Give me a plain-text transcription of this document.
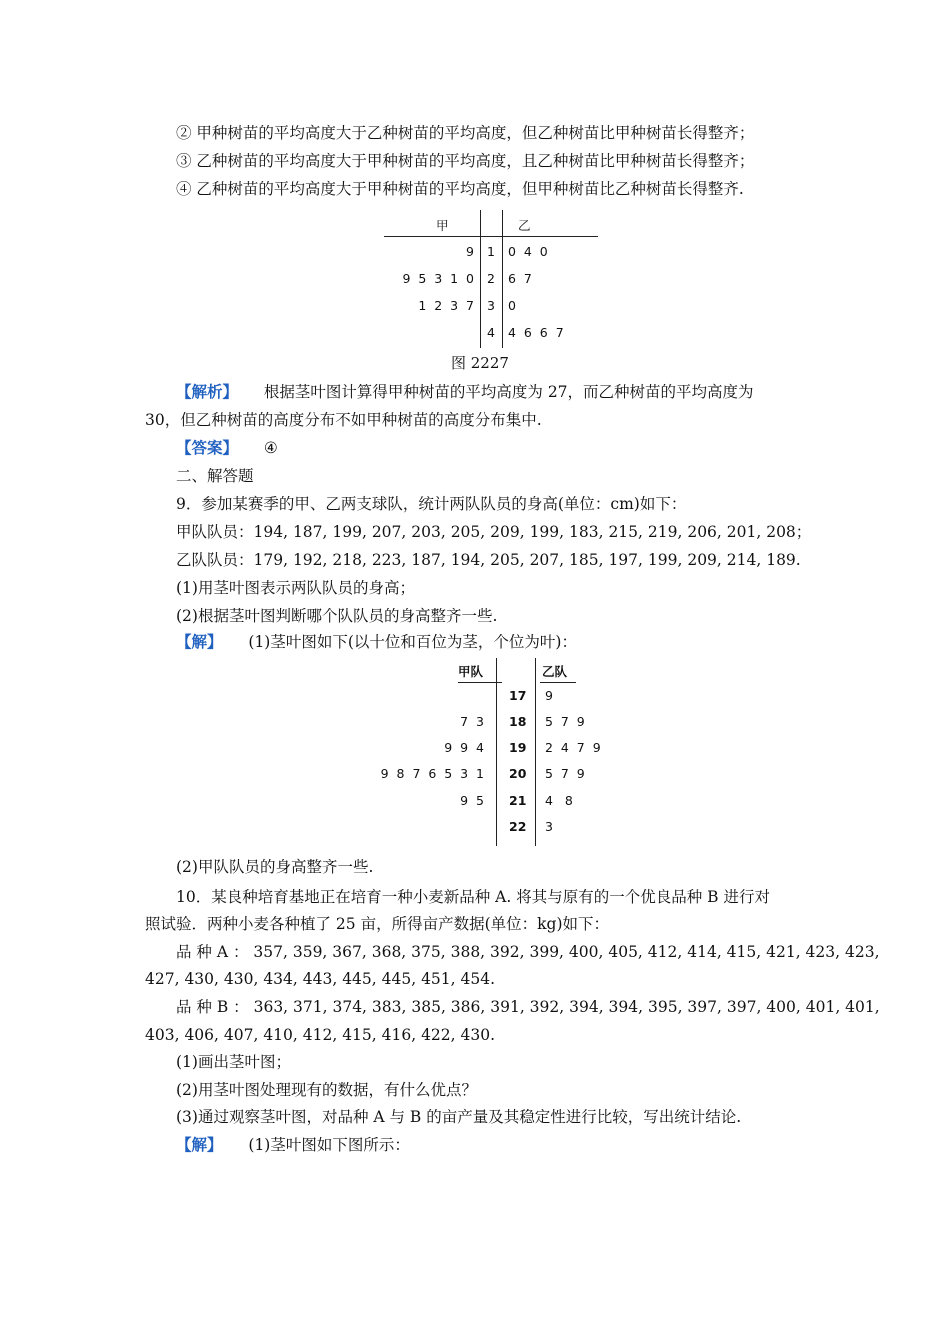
② 甲种树苗的平均高度大于乙种树苗的平均高度，但乙种树苗比甲种树苗长得整齐；
③ 乙种树苗的平均高度大于甲种树苗的平均高度，且乙种树苗比甲种树苗长得整齐；
④ 乙种树苗的平均高度大于甲种树苗的平均高度，但甲种树苗比乙种树苗长得整齐.
甲	乙
9 1 0  4  0
9  5  3  1  0 2 6  7
1  2  3  7 3 0
4 4  6  6  7
图 2227
【解析】 根据茎叶图计算得甲种树苗的平均高度为 27，而乙种树苗的平均高度为
30，但乙种树苗的高度分布不如甲种树苗的高度分布集中.
【答案】 ④
二、解答题
9．参加某赛季的甲、乙两支球队，统计两队队员的身高(单位：cm)如下：
甲队队员：194, 187, 199, 207, 203, 205, 209, 199, 183, 215, 219, 206, 201, 208；
乙队队员：179, 192, 218, 223, 187, 194, 205, 207, 185, 197, 199, 209, 214, 189.
(1)用茎叶图表示两队队员的身高；
(2)根据茎叶图判断哪个队队员的身高整齐一些.
【解】 (1)茎叶图如下(以十位和百位为茎，个位为叶)：
甲队	乙队
17 9
7  3 18 5  7  9
9  9  4 19 2  4  7  9
9  8  7  6  5  3  1 20 5  7  9
9  5 21 4   8
22 3
(2)甲队队员的身高整齐一些.
10．某良种培育基地正在培育一种小麦新品种 A. 将其与原有的一个优良品种 B 进行对
照试验．两种小麦各种植了 25 亩，所得亩产数据(单位：kg)如下：
品 种 A ： 357, 359, 367, 368, 375, 388, 392, 399, 400, 405, 412, 414, 415, 421, 423, 423,
427, 430, 430, 434, 443, 445, 445, 451, 454.
品 种 B ： 363, 371, 374, 383, 385, 386, 391, 392, 394, 394, 395, 397, 397, 400, 401, 401,
403, 406, 407, 410, 412, 415, 416, 422, 430.
(1)画出茎叶图；
(2)用茎叶图处理现有的数据，有什么优点？
(3)通过观察茎叶图，对品种 A 与 B 的亩产量及其稳定性进行比较，写出统计结论.
【解】 (1)茎叶图如下图所示：
